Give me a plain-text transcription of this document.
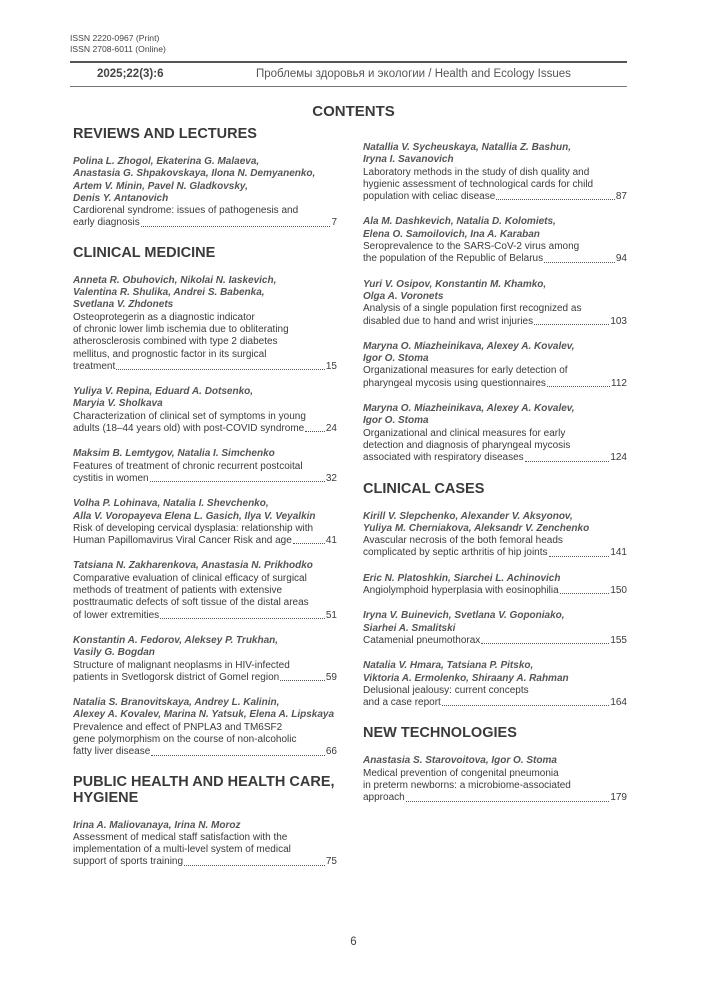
ISSN 2220-0967 (Print)
ISSN 2708-6011 (Online)
2025;22(3):6	Проблемы здоровья и экологии / Health and Ecology Issues
CONTENTS
REVIEWS AND LECTURES
Polina L. Zhogol, Ekaterina G. Malaeva,
Anastasia G. Shpakovskaya, Ilona N. Demyanenko,
Artem V. Minin, Pavel N. Gladkovsky,
Denis Y. Antanovich
Cardiorenal syndrome: issues of pathogenesis and
early diagnosis	7
CLINICAL MEDICINE
Anneta R. Obuhovich, Nikolai N. Iaskevich,
Valentina R. Shulika, Andrei S. Babenka,
Svetlana V. Zhdonets
Osteoprotegerin as a diagnostic indicator
of chronic lower limb ischemia due to obliterating
atherosclerosis combined with type 2 diabetes
mellitus, and prognostic factor in its surgical
treatment	15
Yuliya V. Repina, Eduard A. Dotsenko,
Maryia V. Sholkava
Characterization of clinical set of symptoms in young
adults (18–44 years old) with post-COVID syndrome 24
Maksim B. Lemtygov, Natalia I. Simchenko
Features of treatment of chronic recurrent postcoital
cystitis in women	32
Volha P. Lohinava, Natalia I. Shevchenko,
Alla V. Voropayeva Elena L. Gasich, Ilya V. Veyalkin
Risk of developing cervical dysplasia: relationship with
Human Papillomavirus Viral Cancer Risk and age	41
Tatsiana N. Zakharenkova, Anastasia N. Prikhodko
Comparative evaluation of clinical efficacy of surgical
methods of treatment of patients with extensive
posttraumatic defects of soft tissue of the distal areas
of lower extremities	51
Konstantin A. Fedorov, Aleksey P. Trukhan,
Vasily G. Bogdan
Structure of malignant neoplasms in HIV-infected
patients in Svetlogorsk district of Gomel region	59
Natalia S. Branovitskaya, Andrey L. Kalinin,
Alexey A. Kovalev, Marina N. Yatsuk, Elena A. Lipskaya
Prevalence and effect of PNPLA3 and TM6SF2
gene polymorphism on the course of non-alcoholic
fatty liver disease	66
PUBLIC HEALTH AND HEALTH CARE, HYGIENE
Irina A. Maliovanaya, Irina N. Moroz
Assessment of medical staff satisfaction with the
implementation of a multi-level system of medical
support of sports training	75
Natallia V. Sycheuskaya, Natallia Z. Bashun,
Iryna I. Savanovich
Laboratory methods in the study of dish quality and
hygienic assessment of technological cards for child
population with celiac disease	87
Ala M. Dashkevich, Natalia D. Kolomiets,
Elena O. Samoilovich, Ina A. Karaban
Seroprevalence to the SARS-CoV-2 virus among
the population of the Republic of Belarus	94
Yuri V. Osipov, Konstantin M. Khamko,
Olga A. Voronets
Analysis of a single population first recognized as
disabled due to hand and wrist injuries	103
Maryna O. Miazheinikava, Alexey A. Kovalev,
Igor O. Stoma
Organizational measures for early detection of
pharyngeal mycosis using questionnaires	112
Maryna O. Miazheinikava, Alexey A. Kovalev,
Igor O. Stoma
Organizational and clinical measures for early
detection and diagnosis of pharyngeal mycosis
associated with respiratory diseases	124
CLINICAL CASES
Kirill V. Slepchenko, Alexander V. Aksyonov,
Yuliya M. Cherniakova, Aleksandr V. Zenchenko
Avascular necrosis of the both femoral heads
complicated by septic arthritis of hip joints	141
Eric N. Platoshkin, Siarchei L. Achinovich
Angiolymphoid hyperplasia with eosinophilia	150
Iryna V. Buinevich, Svetlana V. Goponiako,
Siarhei A. Smalitski
Catamenial pneumothorax	155
Natalia V. Hmara, Tatsiana P. Pitsko,
Viktoria A. Ermolenko, Shiraany A. Rahman
Delusional jealousy: current concepts
and a case report	164
NEW TECHNOLOGIES
Anastasia S. Starovoitova, Igor O. Stoma
Medical prevention of congenital pneumonia
in preterm newborns: a microbiome-associated
approach	179
6
